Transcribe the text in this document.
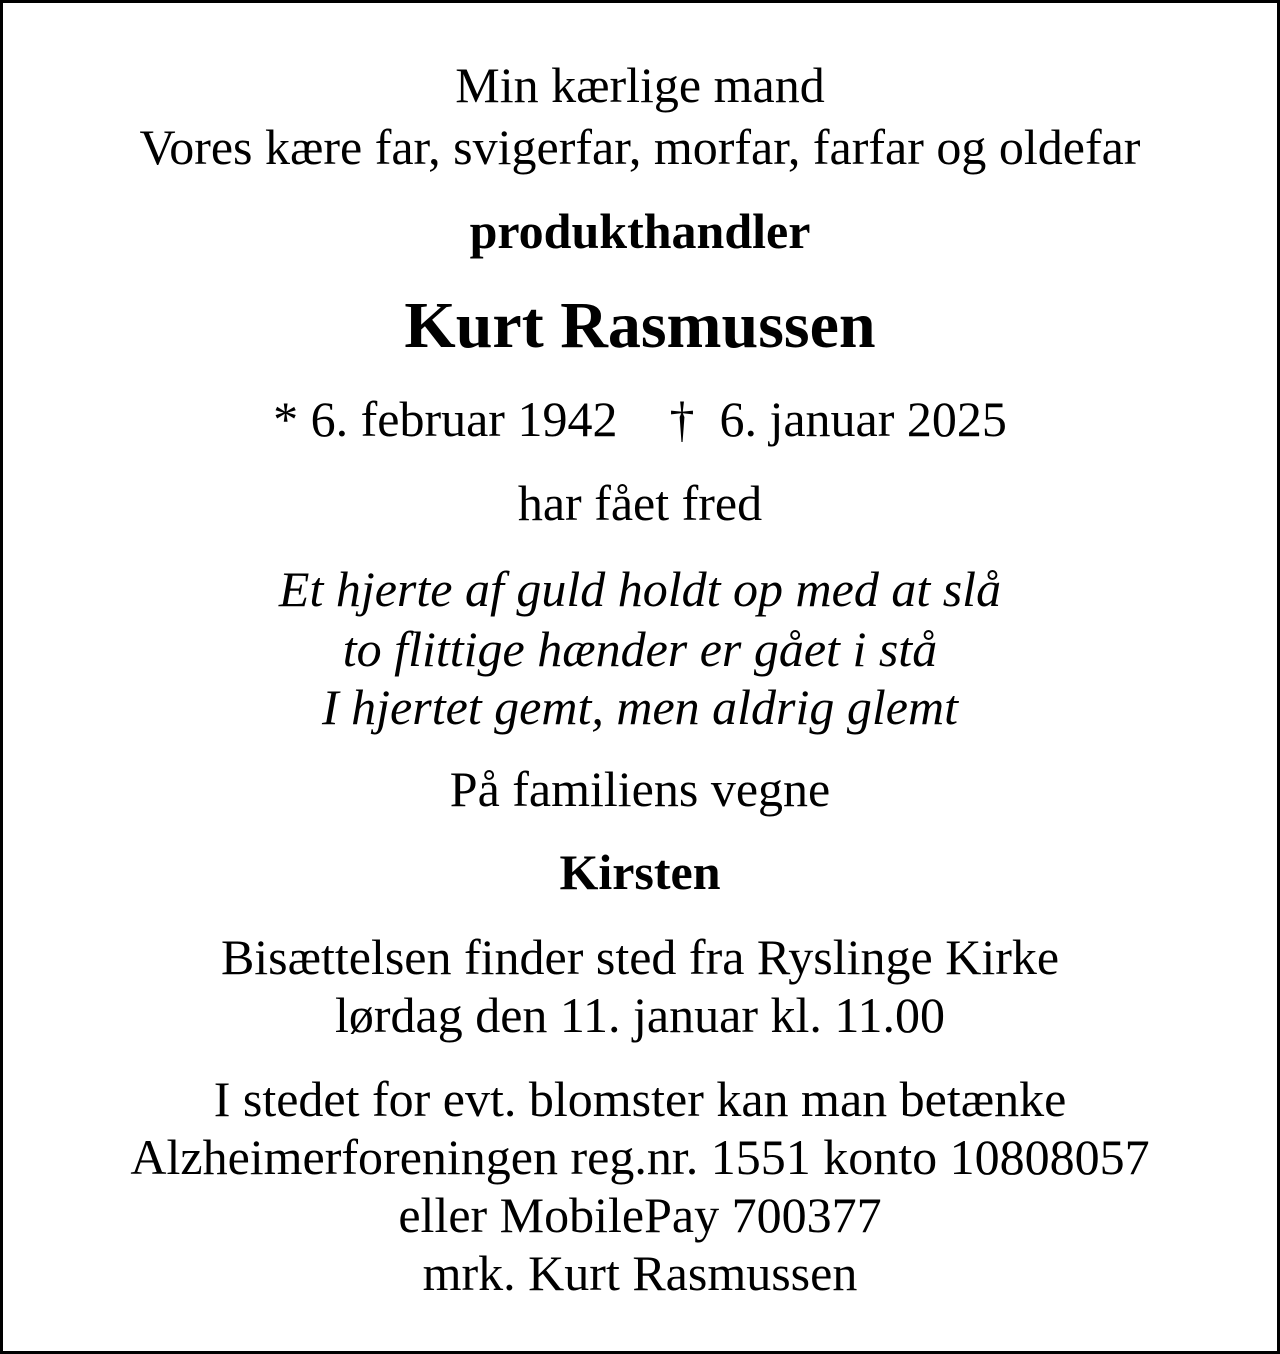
Min kærlige mand

Vores kære far, svigerfar, morfar, farfar og oldefar

produkthandler

Kurt Rasmussen

* 6. februar 1942 † 6. januar 2025

har fået fred

Et hjerte af guld holdt op med at slå

to flittige hænder er gået i stå

I hjertet gemt, men aldrig glemt

På familiens vegne

Kirsten

Bisættelsen finder sted fra Ryslinge Kirke

lørdag den 11. januar kl. 11.00

I stedet for evt. blomster kan man betænke

Alzheimerforeningen reg.nr. 1551 konto 10808057

eller MobilePay 700377

mrk. Kurt Rasmussen
